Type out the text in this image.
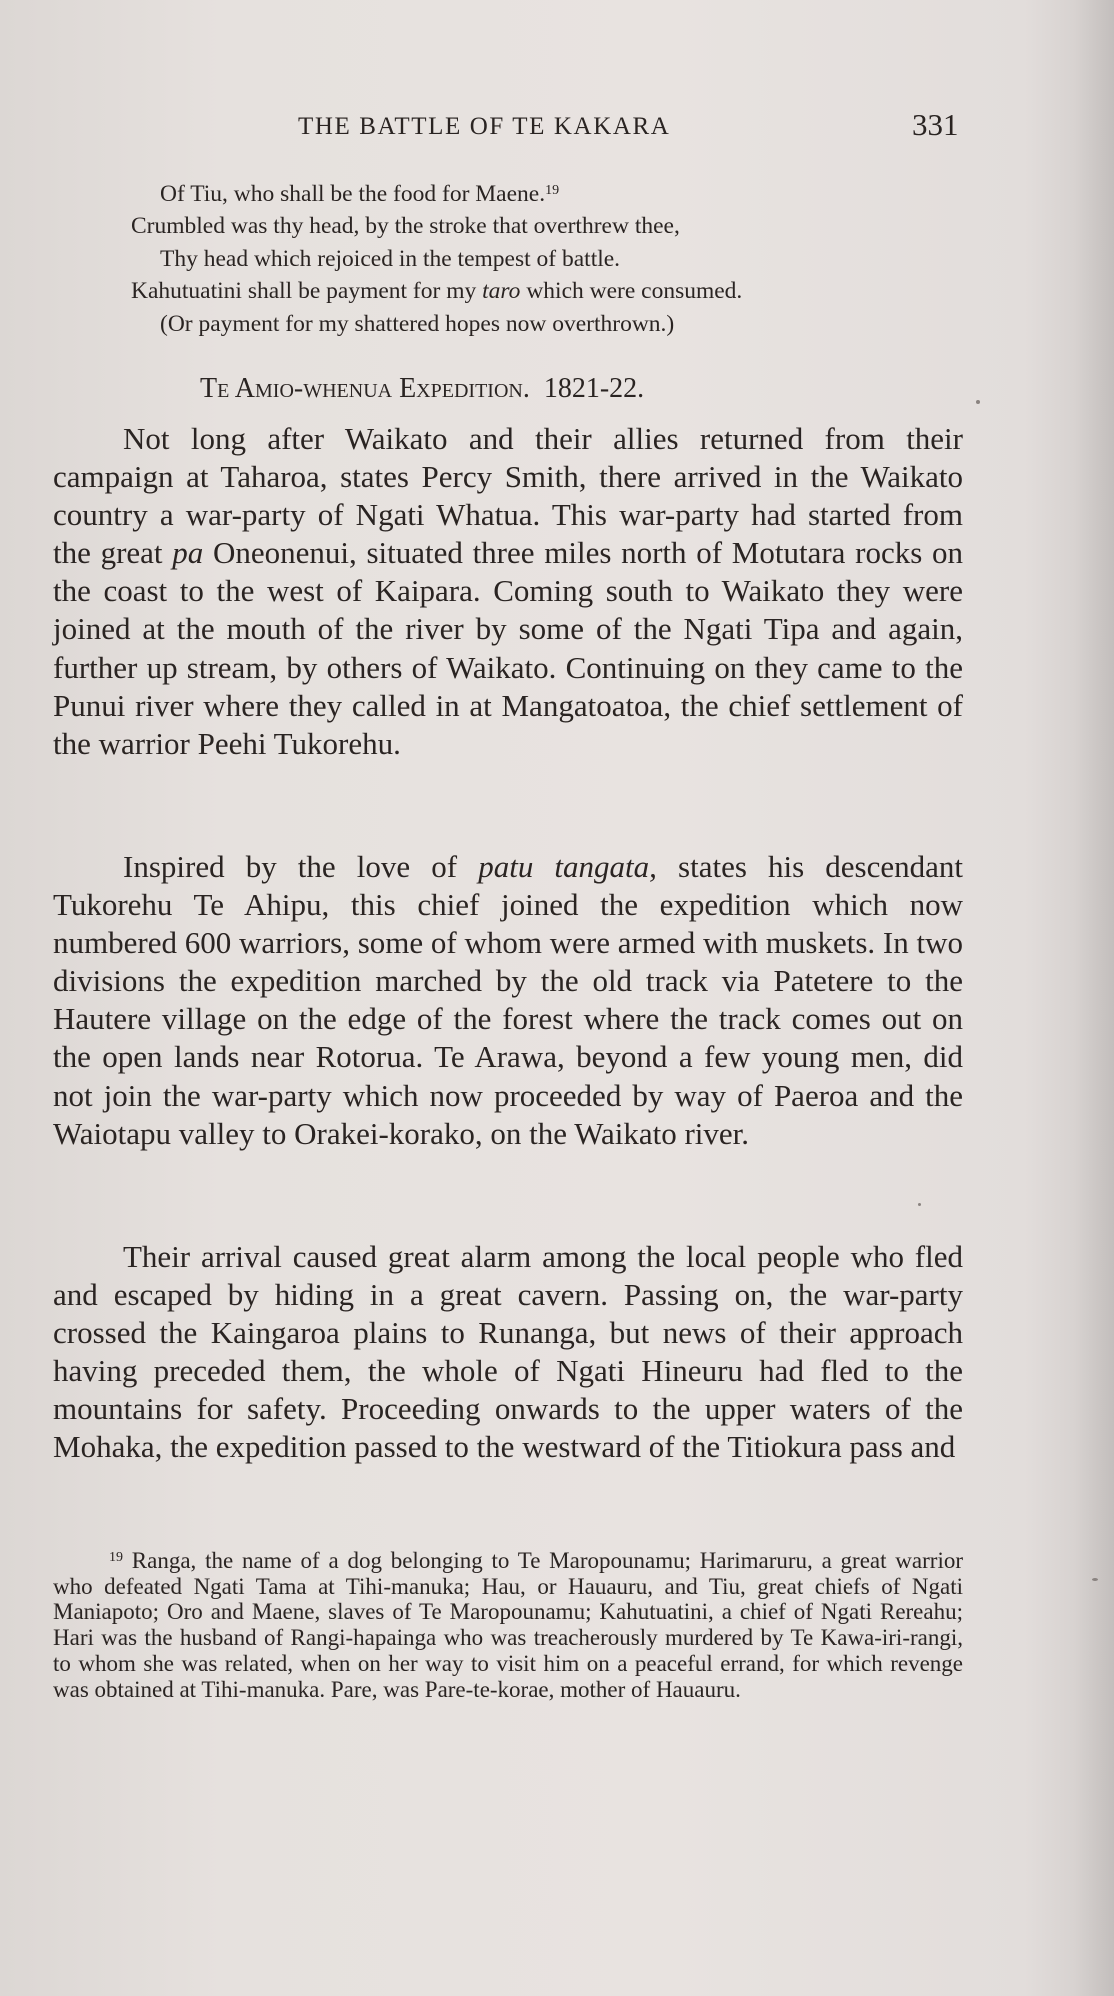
THE BATTLE OF TE KAKARA	331
Of Tiu, who shall be the food for Maene.$^{19}$
Crumbled was thy head, by the stroke that overthrew thee,
Thy head which rejoiced in the tempest of battle.
Kahutuatini shall be payment for my taro which were consumed.
(Or payment for my shattered hopes now overthrown.)
Te Amio-whenua Expedition. 1821-22.

Not long after Waikato and their allies returned from their campaign at Taharoa, states Percy Smith, there arrived in the Waikato country a war-party of Ngati Whatua. This war-party had started from the great pa Oneonenui, situated three miles north of Motutara rocks on the coast to the west of Kaipara. Coming south to Waikato they were joined at the mouth of the river by some of the Ngati Tipa and again, further up stream, by others of Waikato. Continuing on they came to the Punui river where they called in at Mangatoatoa, the chief settlement of the warrior Peehi Tukorehu.

Inspired by the love of patu tangata, states his descendant Tukorehu Te Ahipu, this chief joined the expedition which now numbered 600 warriors, some of whom were armed with muskets. In two divisions the expedition marched by the old track via Patetere to the Hautere village on the edge of the forest where the track comes out on the open lands near Rotorua. Te Arawa, beyond a few young men, did not join the war-party which now proceeded by way of Paeroa and the Waiotapu valley to Orakei-korako, on the Waikato river.

Their arrival caused great alarm among the local people who fled and escaped by hiding in a great cavern. Passing on, the war-party crossed the Kaingaroa plains to Runanga, but news of their approach having preceded them, the whole of Ngati Hineuru had fled to the mountains for safety. Proceeding onwards to the upper waters of the Mohaka, the expedition passed to the westward of the Titiokura pass and

$^{19}$ Ranga, the name of a dog belonging to Te Maropounamu; Harimaruru, a great warrior who defeated Ngati Tama at Tihi-manuka; Hau, or Hauauru, and Tiu, great chiefs of Ngati Maniapoto; Oro and Maene, slaves of Te Maropounamu; Kahutuatini, a chief of Ngati Rereahu; Hari was the husband of Rangi-hapainga who was treacherously murdered by Te Kawa-iri-rangi, to whom she was related, when on her way to visit him on a peaceful errand, for which revenge was obtained at Tihi-manuka. Pare, was Pare-te-korae, mother of Hauauru.
